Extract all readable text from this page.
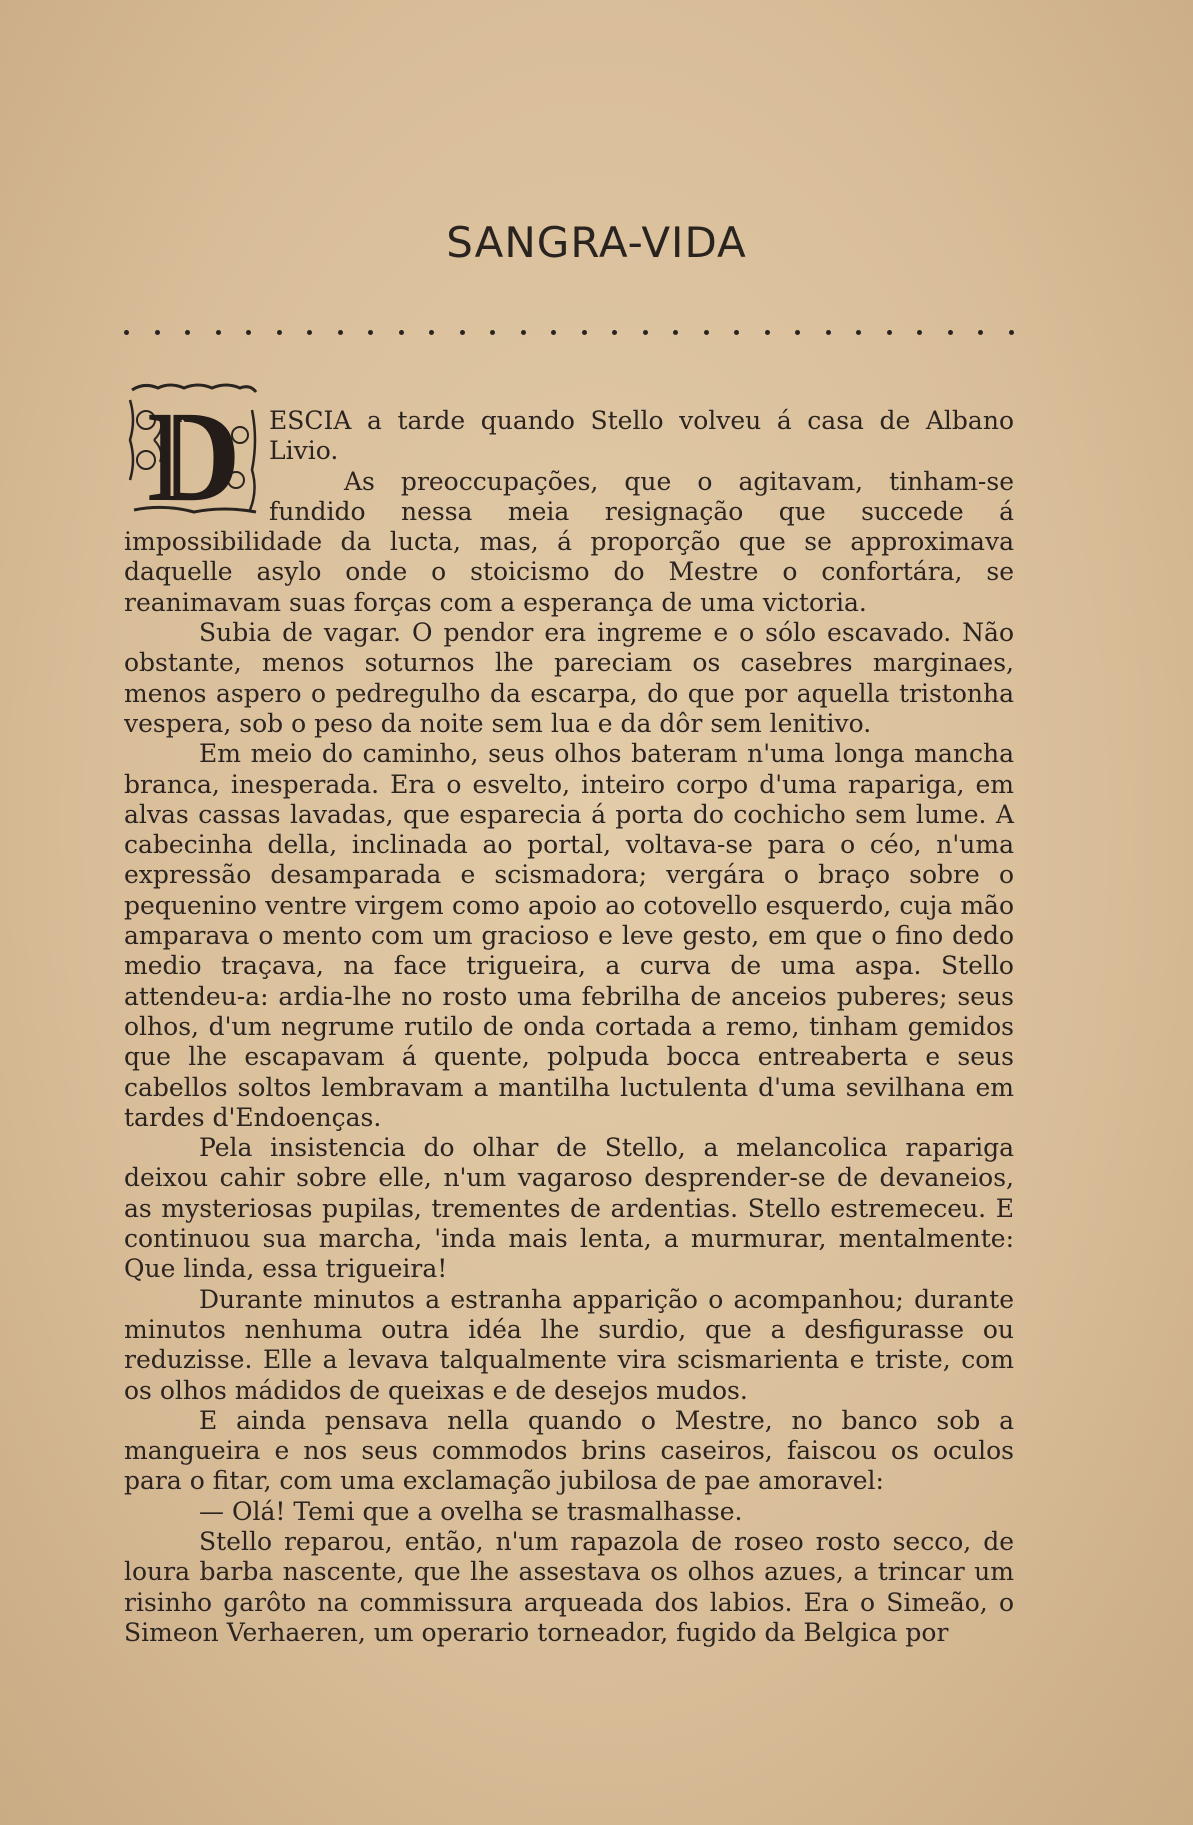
SANGRA-VIDA
D	ESCIA a tarde quando Stello volveu á casa de Albano Livio.

As preoccupações, que o agitavam, tinham-se fundido nessa meia resignação que succede á impossibilidade da lucta, mas, á proporção que se approximava daquelle asylo onde o stoicismo do Mestre o confortára, se reanimavam suas forças com a esperança de uma victoria.

Subia de vagar. O pendor era ingreme e o sólo escavado. Não obstante, menos soturnos lhe pareciam os casebres marginaes, menos aspero o pedregulho da escarpa, do que por aquella tristonha vespera, sob o peso da noite sem lua e da dôr sem lenitivo.

Em meio do caminho, seus olhos bateram n'uma longa mancha branca, inesperada. Era o esvelto, inteiro corpo d'uma rapariga, em alvas cassas lavadas, que esparecia á porta do cochicho sem lume. A cabecinha della, inclinada ao portal, voltava-se para o céo, n'uma expressão desamparada e scismadora; vergára o braço sobre o pequenino ventre virgem como apoio ao cotovello esquerdo, cuja mão amparava o mento com um gracioso e leve gesto, em que o fino dedo medio traçava, na face trigueira, a curva de uma aspa. Stello attendeu-a: ardia-lhe no rosto uma febrilha de anceios puberes; seus olhos, d'um negrume rutilo de onda cortada a remo, tinham gemidos que lhe escapavam á quente, polpuda bocca entreaberta e seus cabellos soltos lembravam a mantilha luctulenta d'uma sevilhana em tardes d'Endoenças.

Pela insistencia do olhar de Stello, a melancolica rapariga deixou cahir sobre elle, n'um vagaroso desprender-se de devaneios, as mysteriosas pupilas, trementes de ardentias. Stello estremeceu. E continuou sua marcha, 'inda mais lenta, a murmurar, mentalmente: Que linda, essa trigueira!

Durante minutos a estranha apparição o acompanhou; durante minutos nenhuma outra idéa lhe surdio, que a desfigurasse ou reduzisse. Elle a levava talqualmente vira scismarienta e triste, com os olhos mádidos de queixas e de desejos mudos.

E ainda pensava nella quando o Mestre, no banco sob a mangueira e nos seus commodos brins caseiros, faiscou os oculos para o fitar, com uma exclamação jubilosa de pae amoravel:

— Olá! Temi que a ovelha se trasmalhasse.

Stello reparou, então, n'um rapazola de roseo rosto secco, de loura barba nascente, que lhe assestava os olhos azues, a trincar um risinho garôto na commissura arqueada dos labios. Era o Simeão, o Simeon Verhaeren, um operario torneador, fugido da Belgica por
